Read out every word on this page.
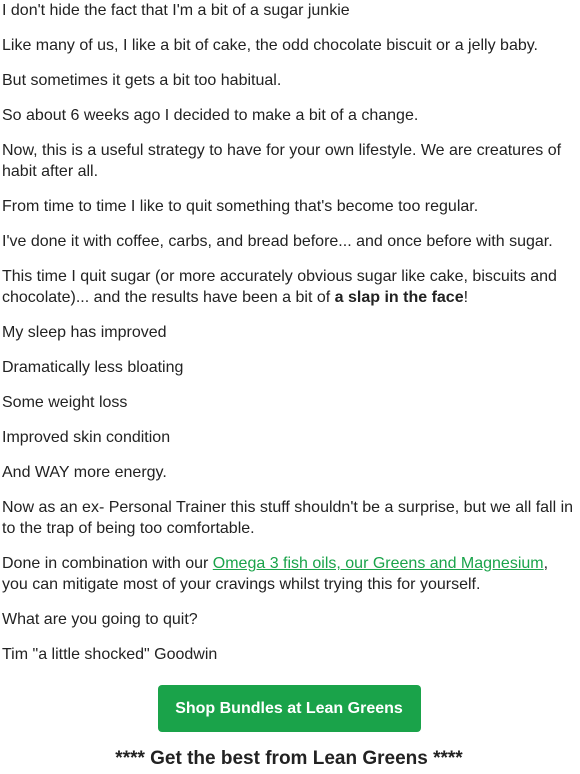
I don't hide the fact that I'm a bit of a sugar junkie

Like many of us, I like a bit of cake, the odd chocolate biscuit or a jelly baby.

But sometimes it gets a bit too habitual.

So about 6 weeks ago I decided to make a bit of a change.

Now, this is a useful strategy to have for your own lifestyle. We are creatures of habit after all.

From time to time I like to quit something that's become too regular.

I've done it with coffee, carbs, and bread before... and once before with sugar.

This time I quit sugar (or more accurately obvious sugar like cake, biscuits and chocolate)... and the results have been a bit of a slap in the face!

My sleep has improved

Dramatically less bloating

Some weight loss

Improved skin condition

And WAY more energy.

Now as an ex- Personal Trainer this stuff shouldn't be a surprise, but we all fall in to the trap of being too comfortable.

Done in combination with our Omega 3 fish oils, our Greens and Magnesium, you can mitigate most of your cravings whilst trying this for yourself.

What are you going to quit?

Tim "a little shocked" Goodwin

Shop Bundles at Lean Greens
**** Get the best from Lean Greens ****
